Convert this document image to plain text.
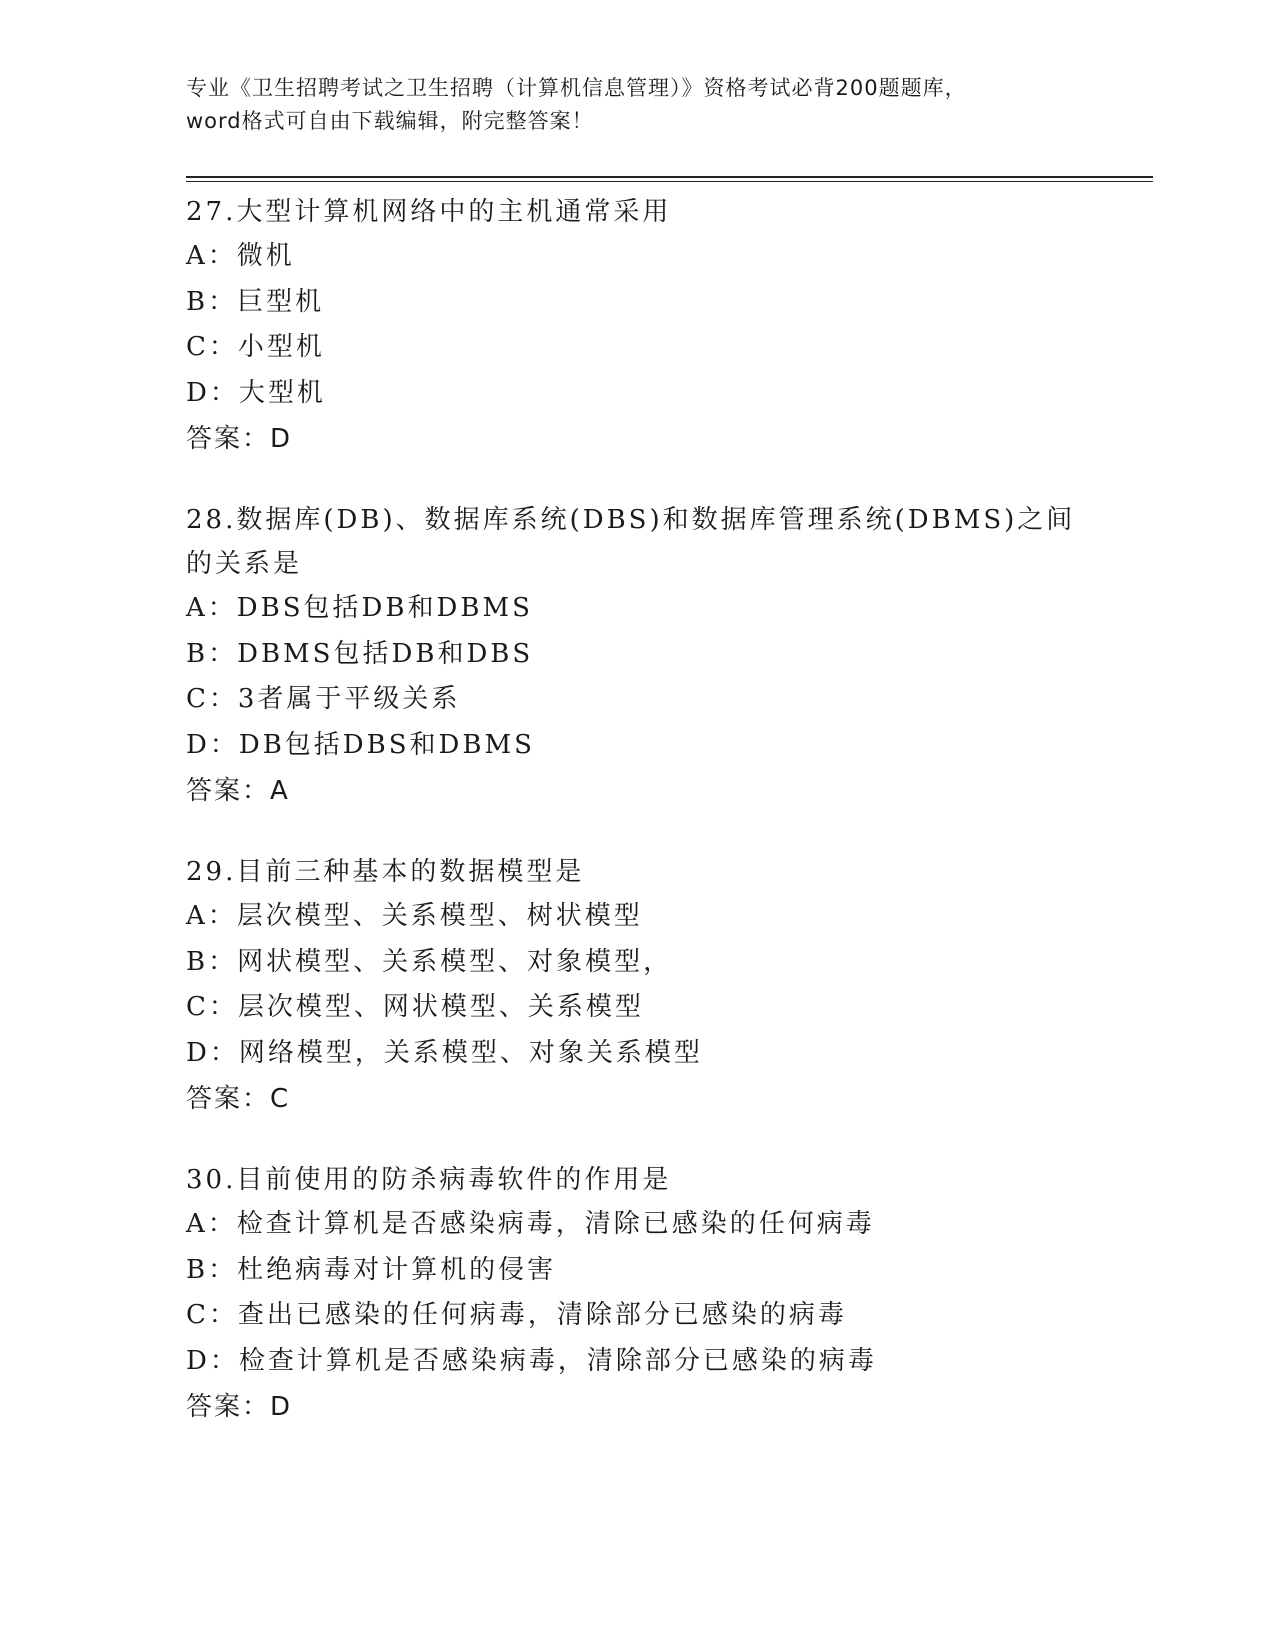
专业《卫生招聘考试之卫生招聘（计算机信息管理）》资格考试必背200题题库，
word格式可自由下载编辑，附完整答案！

27.大型计算机网络中的主机通常采用

A：微机

B：巨型机

C：小型机

D：大型机

答案：D

28.数据库(DB)、数据库系统(DBS)和数据库管理系统(DBMS)之间的关系是

A：DBS包括DB和DBMS

B：DBMS包括DB和DBS

C：3者属于平级关系

D：DB包括DBS和DBMS

答案：A

29.目前三种基本的数据模型是

A：层次模型、关系模型、树状模型

B：网状模型、关系模型、对象模型，

C：层次模型、网状模型、关系模型

D：网络模型，关系模型、对象关系模型

答案：C

30.目前使用的防杀病毒软件的作用是

A：检查计算机是否感染病毒，清除已感染的任何病毒

B：杜绝病毒对计算机的侵害

C：查出已感染的任何病毒，清除部分已感染的病毒

D：检查计算机是否感染病毒，清除部分已感染的病毒

答案：D
